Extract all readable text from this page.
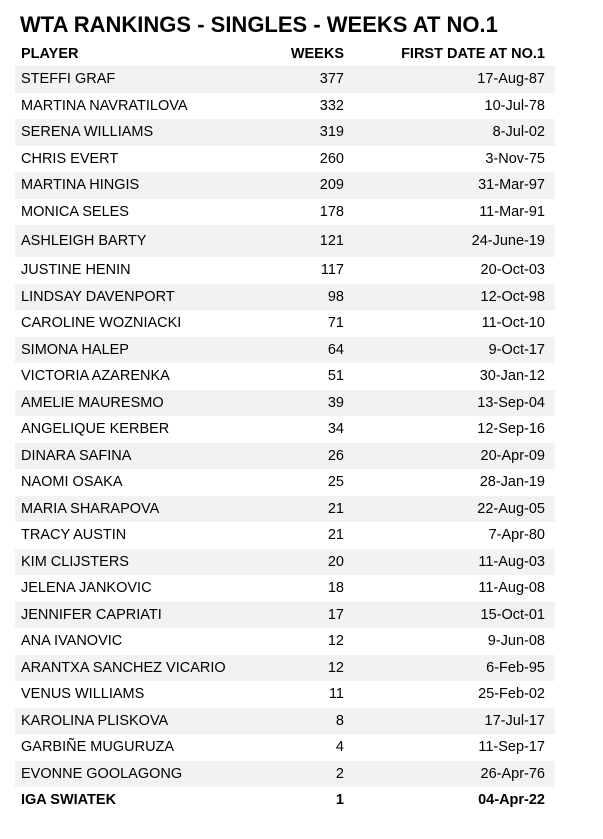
WTA RANKINGS - SINGLES - WEEKS AT NO.1
PLAYER	WEEKS	FIRST DATE AT NO.1
STEFFI GRAF	377	17-Aug-87
MARTINA NAVRATILOVA	332	10-Jul-78
SERENA WILLIAMS	319	8-Jul-02
CHRIS EVERT	260	3-Nov-75
MARTINA HINGIS	209	31-Mar-97
MONICA SELES	178	11-Mar-91
ASHLEIGH BARTY	121	24-June-19
JUSTINE HENIN	117	20-Oct-03
LINDSAY DAVENPORT	98	12-Oct-98
CAROLINE WOZNIACKI	71	11-Oct-10
SIMONA HALEP	64	9-Oct-17
VICTORIA AZARENKA	51	30-Jan-12
AMELIE MAURESMO	39	13-Sep-04
ANGELIQUE KERBER	34	12-Sep-16
DINARA SAFINA	26	20-Apr-09
NAOMI OSAKA	25	28-Jan-19
MARIA SHARAPOVA	21	22-Aug-05
TRACY AUSTIN	21	7-Apr-80
KIM CLIJSTERS	20	11-Aug-03
JELENA JANKOVIC	18	11-Aug-08
JENNIFER CAPRIATI	17	15-Oct-01
ANA IVANOVIC	12	9-Jun-08
ARANTXA SANCHEZ VICARIO	12	6-Feb-95
VENUS WILLIAMS	11	25-Feb-02
KAROLINA PLISKOVA	8	17-Jul-17
GARBIÑE MUGURUZA	4	11-Sep-17
EVONNE GOOLAGONG	2	26-Apr-76
IGA SWIATEK	1	04-Apr-22
